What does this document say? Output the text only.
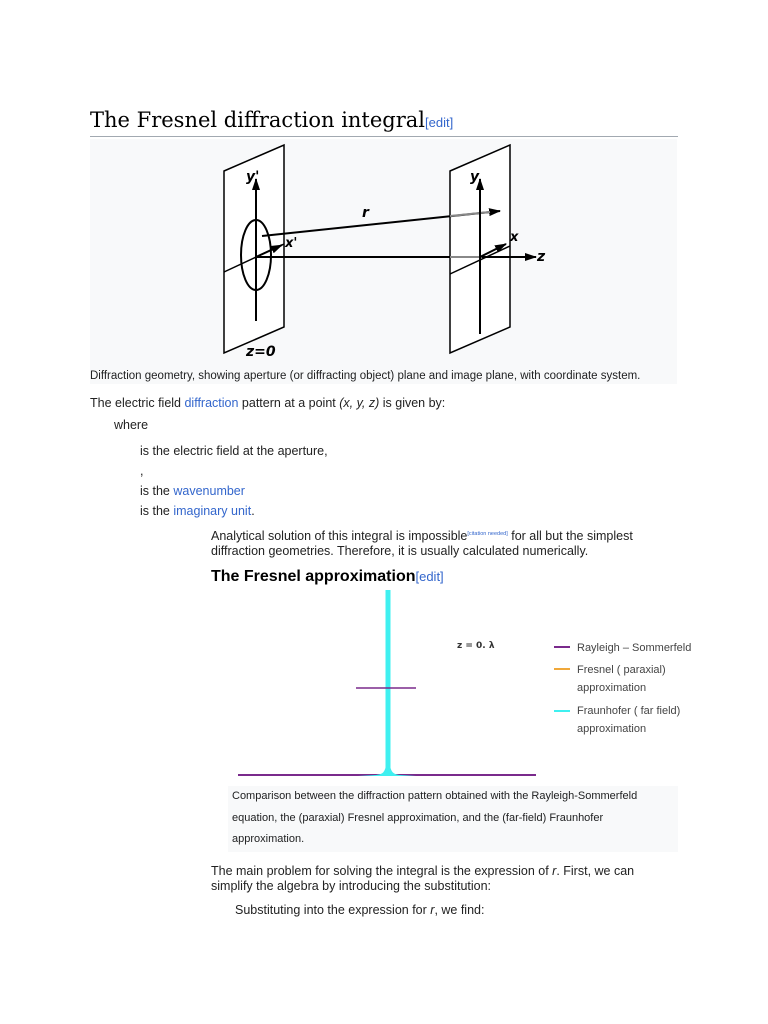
The Fresnel diffraction integral[edit]
y'	y
r
x'	x
z
z=0
Diffraction geometry, showing aperture (or diffracting object) plane and image plane, with coordinate system.
The electric field diffraction pattern at a point (x, y, z) is given by:
where
is the electric field at the aperture,
,
is the wavenumber
is the imaginary unit.
Analytical solution of this integral is impossible[citation needed] for all but the simplest
diffraction geometries. Therefore, it is usually calculated numerically.
The Fresnel approximation[edit]
z = 0. λ	Rayleigh – Sommerfeld
Fresnel ( paraxial)
approximation
Fraunhofer ( far field)
approximation
Comparison between the diffraction pattern obtained with the Rayleigh-Sommerfeld
equation, the (paraxial) Fresnel approximation, and the (far-field) Fraunhofer
approximation.
The main problem for solving the integral is the expression of r. First, we can
simplify the algebra by introducing the substitution:
Substituting into the expression for r, we find:
